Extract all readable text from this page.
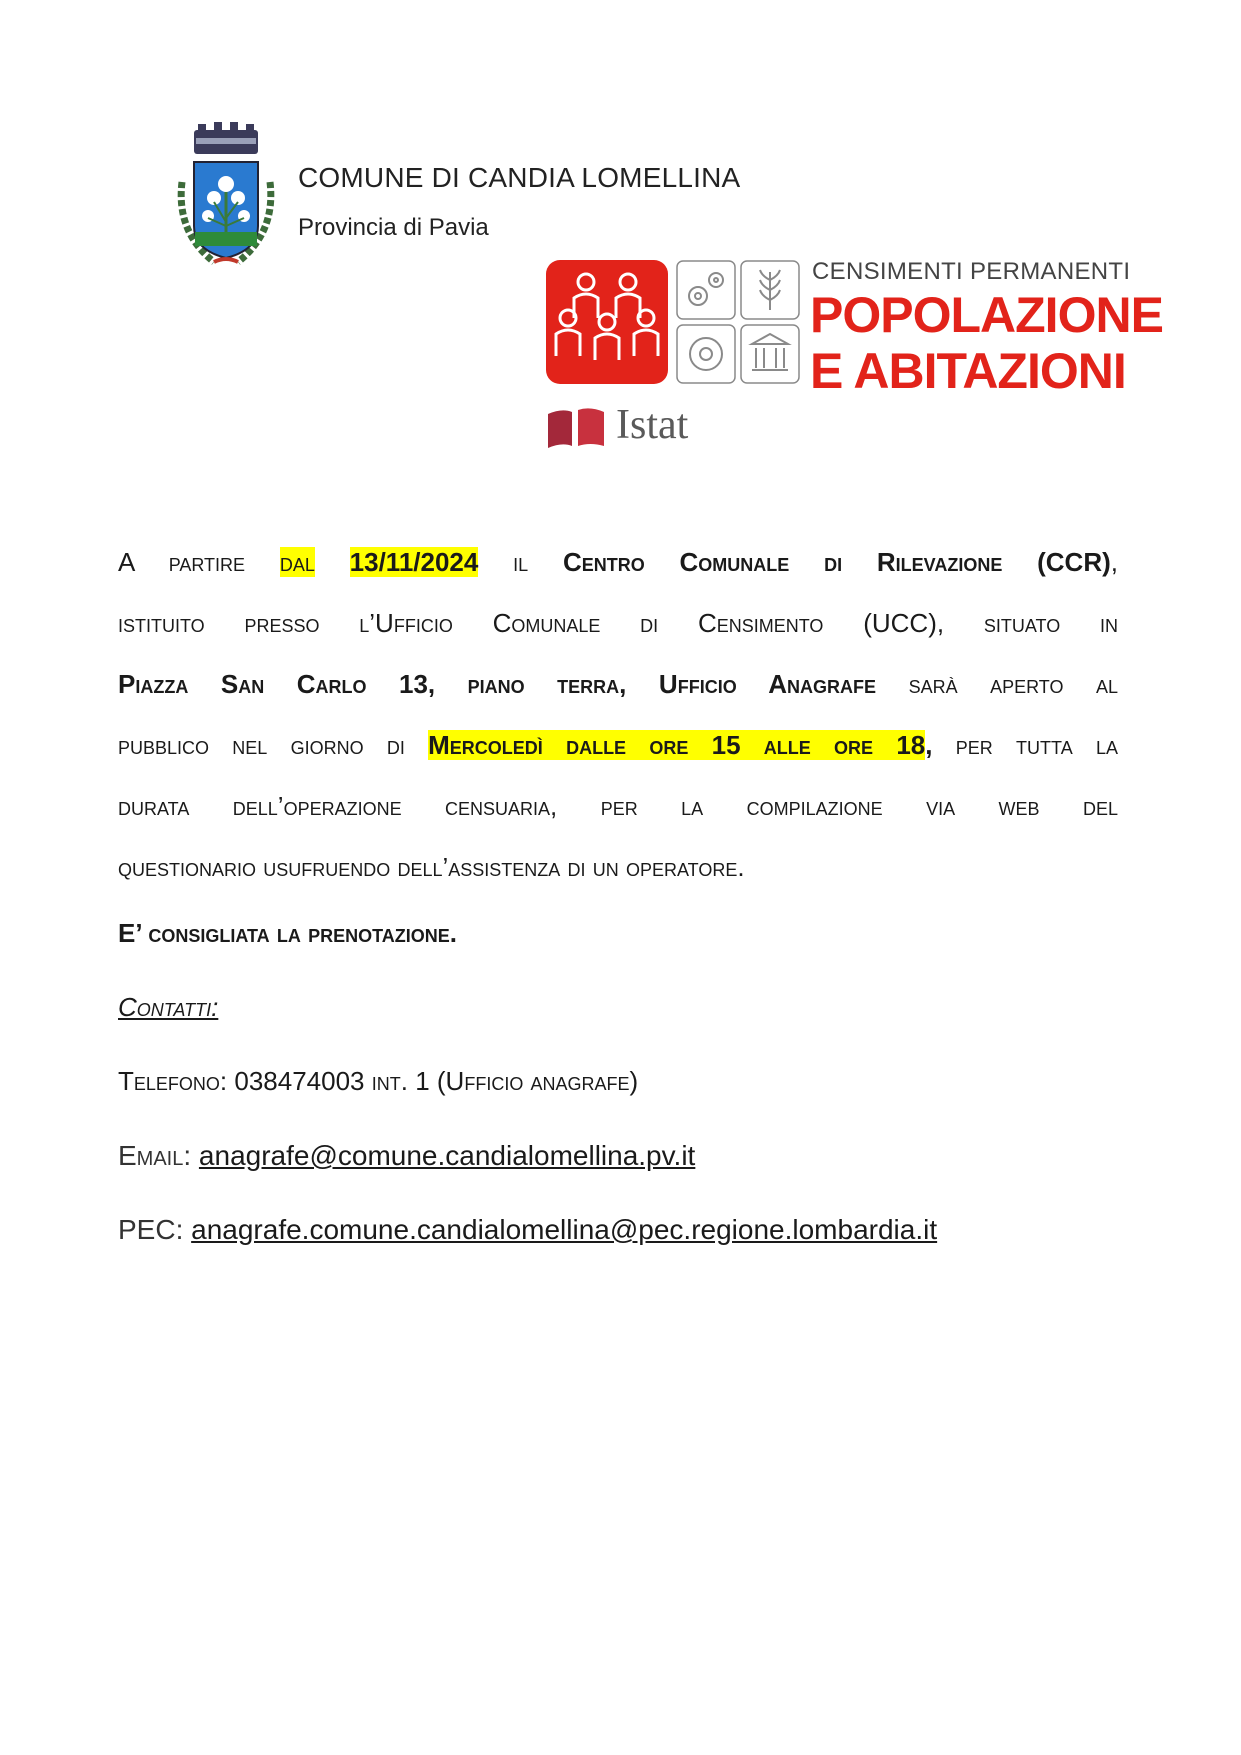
COMUNE DI CANDIA LOMELLINA
Provincia di Pavia
CENSIMENTI PERMANENTI
POPOLAZIONE
E ABITAZIONI
Istat
A partire dal 13/11/2024 il Centro Comunale di Rilevazione (CCR),
istituito presso l’Ufficio Comunale di Censimento (UCC), situato in
Piazza San Carlo 13, piano terra, Ufficio Anagrafe sarà aperto al
pubblico nel giorno di Mercoledì dalle ore 15 alle ore 18, per tutta la
durata dell’operazione censuaria, per la compilazione via web del
questionario usufruendo dell’assistenza di un operatore.
E’ consigliata la prenotazione.
Contatti:
Telefono: 038474003 int. 1 (Ufficio anagrafe)
Email: anagrafe@comune.candialomellina.pv.it
PEC: anagrafe.comune.candialomellina@pec.regione.lombardia.it
